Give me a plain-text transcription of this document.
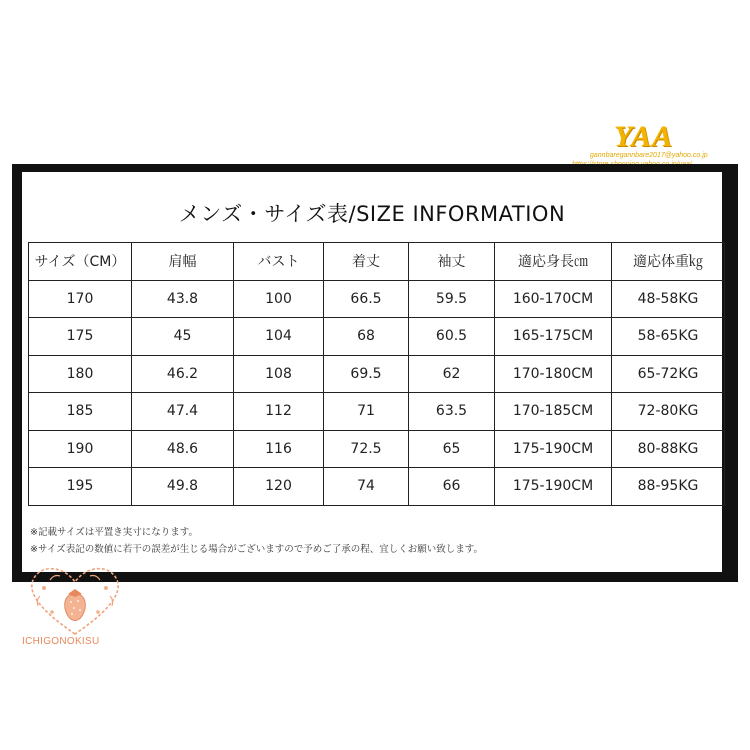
YAA
gannbaregannbare2017@yahoo.co.jp
メンズ・サイズ表/SIZE INFORMATION
サイズ（CM）	肩幅	バスト	着丈	袖丈	適応身長㎝	適応体重㎏
170	43.8	100	66.5	59.5	160-170CM	48-58KG
175	45	104	68	60.5	165-175CM	58-65KG
180	46.2	108	69.5	62	170-180CM	65-72KG
185	47.4	112	71	63.5	170-185CM	72-80KG
190	48.6	116	72.5	65	175-190CM	80-88KG
195	49.8	120	74	66	175-190CM	88-95KG
※記載サイズは平置き実寸になります。
※サイズ表記の数値に若干の誤差が生じる場合がございますので予めご了承の程、宜しくお願い致します。
ICHIGONOKISU
